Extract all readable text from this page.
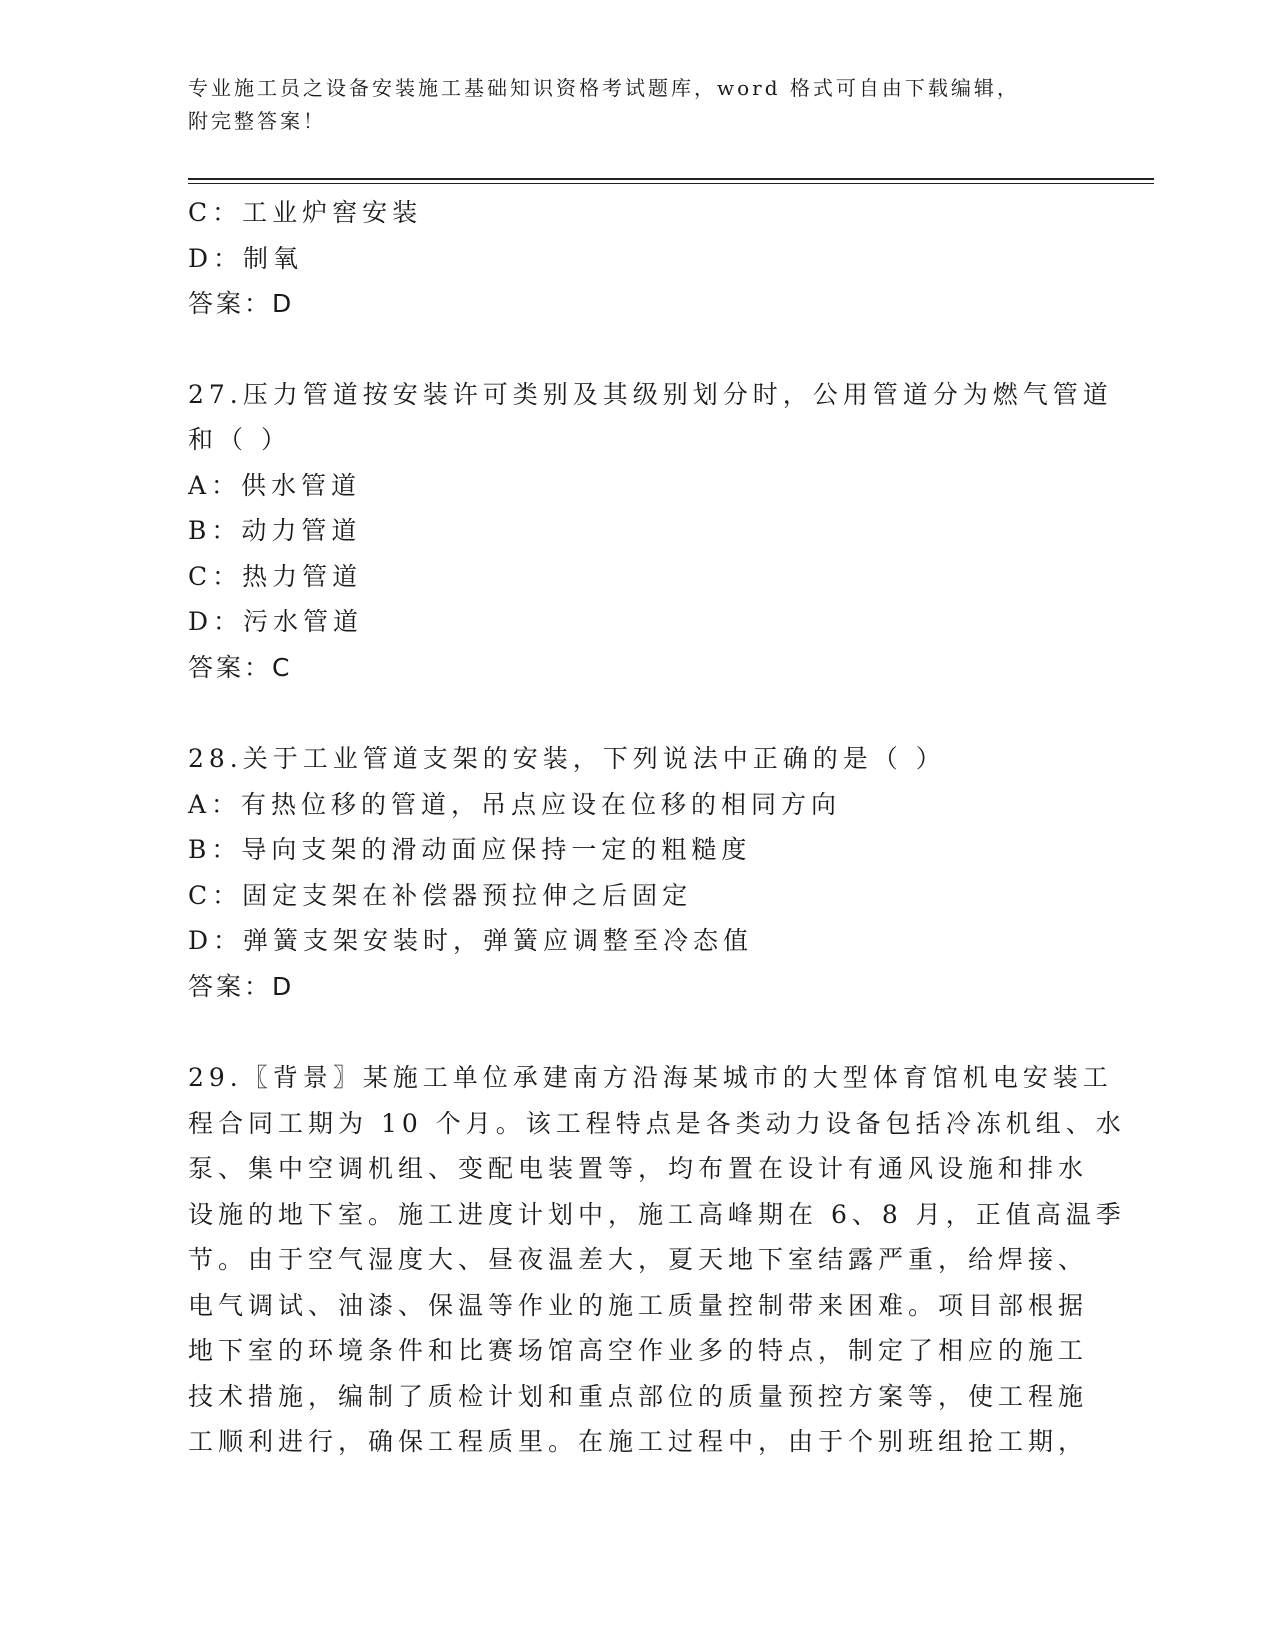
专业施工员之设备安装施工基础知识资格考试题库，word 格式可自由下载编辑，

附完整答案！

C：工业炉窖安装

D：制氧

答案：D

27.压力管道按安装许可类别及其级别划分时，公用管道分为燃气管道

和（ ）

A：供水管道

B：动力管道

C：热力管道

D：污水管道

答案：C

28.关于工业管道支架的安装，下列说法中正确的是（ ）

A：有热位移的管道，吊点应设在位移的相同方向

B：导向支架的滑动面应保持一定的粗糙度

C：固定支架在补偿器预拉伸之后固定

D：弹簧支架安装时，弹簧应调整至冷态值

答案：D

29.〖背景〗某施工单位承建南方沿海某城市的大型体育馆机电安装工

程合同工期为 10 个月。该工程特点是各类动力设备包括冷冻机组、水

泵、集中空调机组、变配电装置等，均布置在设计有通风设施和排水

设施的地下室。施工进度计划中，施工高峰期在 6、8 月，正值高温季

节。由于空气湿度大、昼夜温差大，夏天地下室结露严重，给焊接、

电气调试、油漆、保温等作业的施工质量控制带来困难。项目部根据

地下室的环境条件和比赛场馆高空作业多的特点，制定了相应的施工

技术措施，编制了质检计划和重点部位的质量预控方案等，使工程施

工顺利进行，确保工程质里。在施工过程中，由于个别班组抢工期，
